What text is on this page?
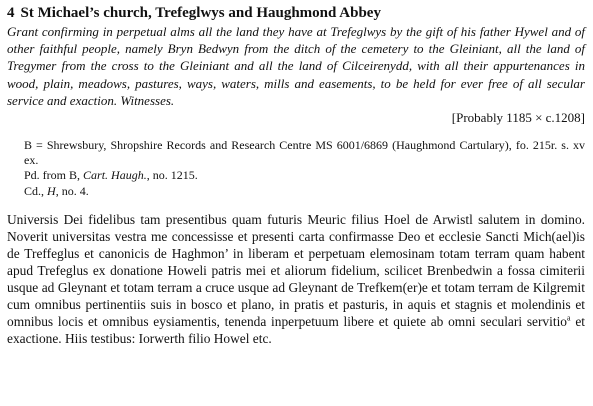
4 St Michael’s church, Trefeglwys and Haughmond Abbey

Grant confirming in perpetual alms all the land they have at Trefeglwys by the gift of his father Hywel and of other faithful people, namely Bryn Bedwyn from the ditch of the cemetery to the Gleiniant, all the land of Tregymer from the cross to the Gleiniant and all the land of Cilceirenydd, with all their appurtenances in wood, plain, meadows, pastures, ways, waters, mills and easements, to be held for ever free of all secular service and exaction. Witnesses.

[Probably 1185 × c.1208]

B = Shrewsbury, Shropshire Records and Research Centre MS 6001/6869 (Haughmond Cartulary), fo. 215r. s. xv ex.

Pd. from B, Cart. Haugh., no. 1215.

Cd., H, no. 4.

Universis Dei fidelibus tam presentibus quam futuris Meuric filius Hoel de Arwistl salutem in domino. Noverit universitas vestra me concessisse et presenti carta confirmasse Deo et ecclesie Sancti Mich(ael)is de Treffeglus et canonicis de Haghmon’ in liberam et perpetuam elemosinam totam terram quam habent apud Trefeglus ex donatione Howeli patris mei et aliorum fidelium, scilicet Brenbedwin a fossa cimiterii usque ad Gleynant et totam terram a cruce usque ad Gleynant de Trefkem(er)e et totam terram de Kilgremit cum omnibus pertinentiis suis in bosco et plano, in pratis et pasturis, in aquis et stagnis et molendinis et omnibus locis et omnibus eysiamentis, tenenda inperpetuum libere et quiete ab omni seculari servitio$^a$ et exactione. Hiis testibus: Iorwerth filio Howel etc.
